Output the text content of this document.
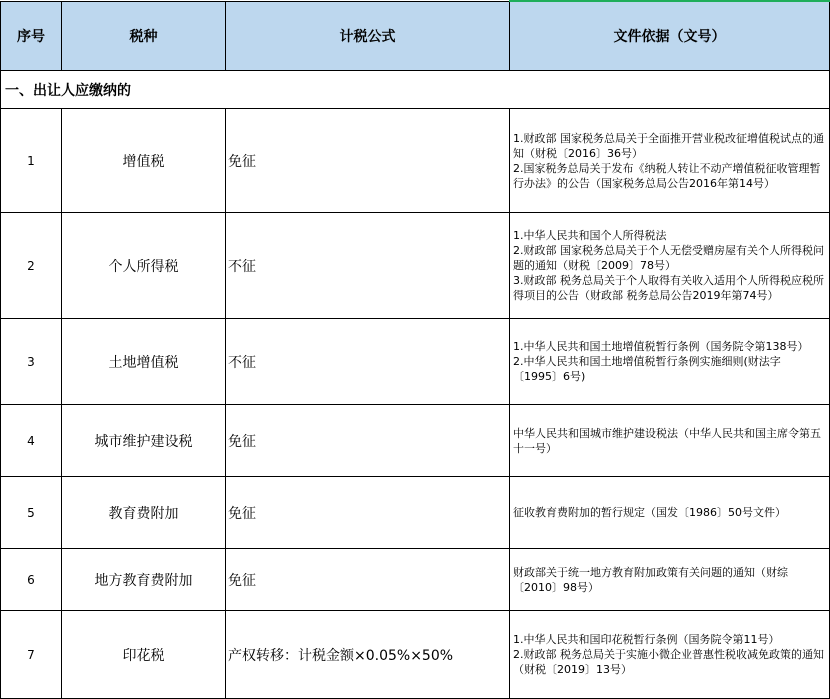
序号	税种	计税公式	文件依据（文号）
一、出让人应缴纳的			
1	增值税	免征	1.财政部 国家税务总局关于全面推开营业税改征增值税试点的通知（财税〔2016〕36号）
2.国家税务总局关于发布《纳税人转让不动产增值税征收管理暂行办法》的公告（国家税务总局公告2016年第14号）

2	个人所得税	不征	1.中华人民共和国个人所得税法
2.财政部 国家税务总局关于个人无偿受赠房屋有关个人所得税问题的通知（财税〔2009〕78号）
3.财政部 税务总局关于个人取得有关收入适用个人所得税应税所得项目的公告（财政部 税务总局公告2019年第74号）

3	土地增值税	不征	1.中华人民共和国土地增值税暂行条例（国务院令第138号）
2.中华人民共和国土地增值税暂行条例实施细则(财法字〔1995〕6号)

4	城市维护建设税	免征	中华人民共和国城市维护建设税法（中华人民共和国主席令第五十一号）

5	教育费附加	免征	征收教育费附加的暂行规定（国发〔1986〕50号文件）

6	地方教育费附加	免征	财政部关于统一地方教育附加政策有关问题的通知（财综〔2010〕98号）

7	印花税	产权转移：计税金额×0.05%×50%	1.中华人民共和国印花税暂行条例（国务院令第11号）
2.财政部 税务总局关于实施小微企业普惠性税收减免政策的通知（财税〔2019〕13号）
